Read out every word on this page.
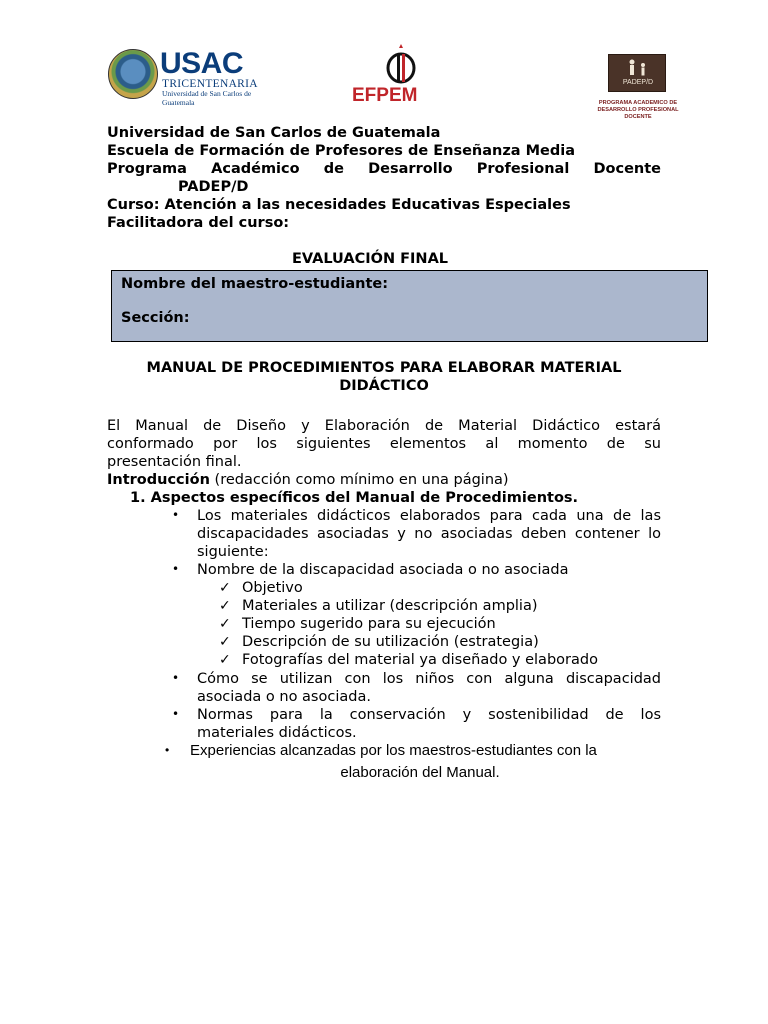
USAC
TRICENTENARIA
Universidad de San Carlos de Guatemala	EFPEM
PADEP/D
PROGRAMA ACADEMICO DE
DESARROLLO PROFESIONAL DOCENTE
Universidad de San Carlos de Guatemala
Escuela de Formación de Profesores de Enseñanza Media
Programa Académico de Desarrollo Profesional Docente
PADEP/D
Curso: Atención a las necesidades Educativas Especiales
Facilitadora del curso:
EVALUACIÓN FINAL
Nombre del maestro-estudiante:
Sección:
MANUAL DE PROCEDIMIENTOS PARA ELABORAR MATERIAL
DIDÁCTICO
El Manual de Diseño y Elaboración de Material Didáctico estará
conformado por los siguientes elementos al momento de su
presentación final.
Introducción (redacción como mínimo en una página)
1. Aspectos específicos del Manual de Procedimientos.
• Los materiales didácticos elaborados para cada una de las
discapacidades asociadas y no asociadas deben contener lo
siguiente:
• Nombre de la discapacidad asociada o no asociada
✓ Objetivo
✓ Materiales a utilizar (descripción amplia)
✓ Tiempo sugerido para su ejecución
✓ Descripción de su utilización (estrategia)
✓ Fotografías del material ya diseñado y elaborado
• Cómo se utilizan con los niños con alguna discapacidad
asociada o no asociada.
• Normas para la conservación y sostenibilidad de los
materiales didácticos.
• Experiencias alcanzadas por los maestros-estudiantes con la
elaboración del Manual.
